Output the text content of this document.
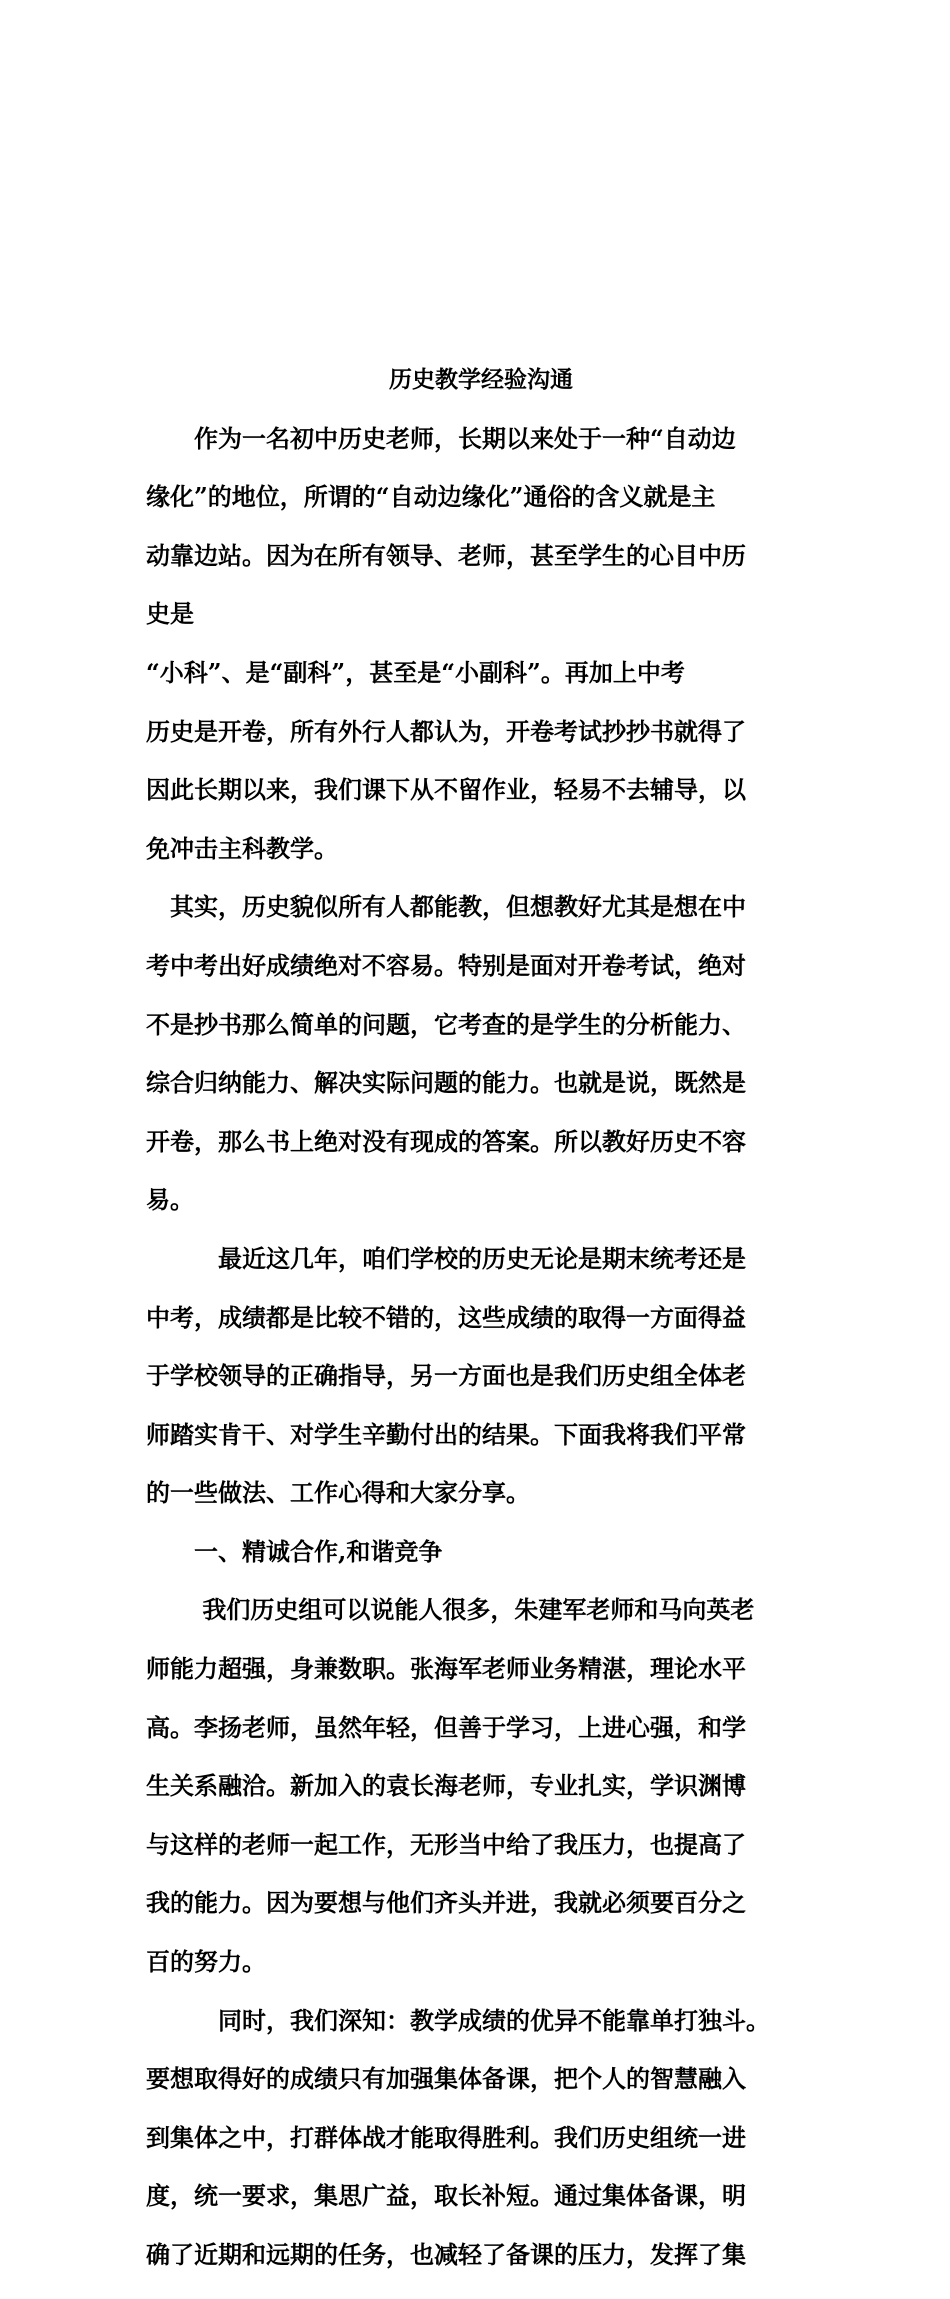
历史教学经验沟通

　　作为一名初中历史老师，长期以来处于一种“自动边

缘化”的地位，所谓的“自动边缘化”通俗的含义就是主

动靠边站。因为在所有领导、老师，甚至学生的心目中历

史是

“小科”、是“副科”，甚至是“小副科”。再加上中考

历史是开卷，所有外行人都认为，开卷考试抄抄书就得了

因此长期以来，我们课下从不留作业，轻易不去辅导，以

免冲击主科教学。

　其实，历史貌似所有人都能教，但想教好尤其是想在中

考中考出好成绩绝对不容易。特别是面对开卷考试，绝对

不是抄书那么简单的问题，它考查的是学生的分析能力、

综合归纳能力、解决实际问题的能力。也就是说，既然是

开卷，那么书上绝对没有现成的答案。所以教好历史不容

易。

　　　最近这几年，咱们学校的历史无论是期末统考还是

中考，成绩都是比较不错的，这些成绩的取得一方面得益

于学校领导的正确指导，另一方面也是我们历史组全体老

师踏实肯干、对学生辛勤付出的结果。下面我将我们平常

的一些做法、工作心得和大家分享。

　　一、精诚合作,和谐竞争

　　 我们历史组可以说能人很多，朱建军老师和马向英老

师能力超强，身兼数职。张海军老师业务精湛，理论水平

高。李扬老师，虽然年轻，但善于学习，上进心强，和学

生关系融洽。新加入的袁长海老师，专业扎实，学识渊博

与这样的老师一起工作，无形当中给了我压力，也提高了

我的能力。因为要想与他们齐头并进，我就必须要百分之

百的努力。

　　　同时，我们深知：教学成绩的优异不能靠单打独斗。

要想取得好的成绩只有加强集体备课，把个人的智慧融入

到集体之中，打群体战才能取得胜利。我们历史组统一进

度，统一要求，集思广益，取长补短。通过集体备课，明

确了近期和远期的任务，也减轻了备课的压力，发挥了集
